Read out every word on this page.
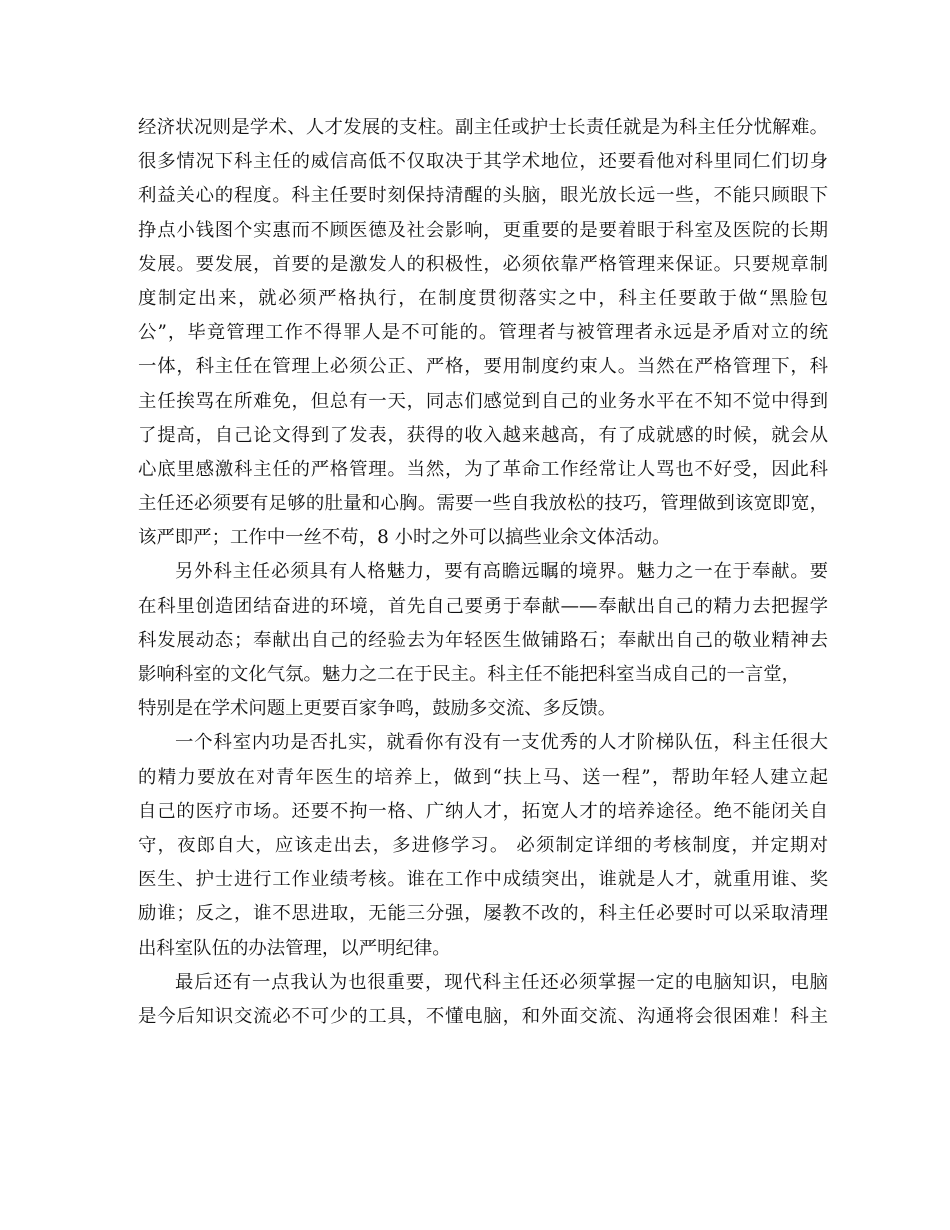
经济状况则是学术、人才发展的支柱。副主任或护士长责任就是为科主任分忧解难。
很多情况下科主任的威信高低不仅取决于其学术地位，还要看他对科里同仁们切身
利益关心的程度。科主任要时刻保持清醒的头脑，眼光放长远一些，不能只顾眼下
挣点小钱图个实惠而不顾医德及社会影响，更重要的是要着眼于科室及医院的长期
发展。要发展，首要的是激发人的积极性，必须依靠严格管理来保证。只要规章制
度制定出来，就必须严格执行，在制度贯彻落实之中，科主任要敢于做“黑脸包
公”，毕竟管理工作不得罪人是不可能的。管理者与被管理者永远是矛盾对立的统
一体，科主任在管理上必须公正、严格，要用制度约束人。当然在严格管理下，科
主任挨骂在所难免，但总有一天，同志们感觉到自己的业务水平在不知不觉中得到
了提高，自己论文得到了发表，获得的收入越来越高，有了成就感的时候，就会从
心底里感激科主任的严格管理。当然，为了革命工作经常让人骂也不好受，因此科
主任还必须要有足够的肚量和心胸。需要一些自我放松的技巧，管理做到该宽即宽，
该严即严；工作中一丝不苟，8 小时之外可以搞些业余文体活动。
另外科主任必须具有人格魅力，要有高瞻远瞩的境界。魅力之一在于奉献。要
在科里创造团结奋进的环境，首先自己要勇于奉献——奉献出自己的精力去把握学
科发展动态；奉献出自己的经验去为年轻医生做铺路石；奉献出自己的敬业精神去
影响科室的文化气氛。魅力之二在于民主。科主任不能把科室当成自己的一言堂，
特别是在学术问题上更要百家争鸣，鼓励多交流、多反馈。
一个科室内功是否扎实，就看你有没有一支优秀的人才阶梯队伍，科主任很大
的精力要放在对青年医生的培养上，做到“扶上马、送一程”，帮助年轻人建立起
自己的医疗市场。还要不拘一格、广纳人才，拓宽人才的培养途径。绝不能闭关自
守，夜郎自大，应该走出去，多进修学习。 必须制定详细的考核制度，并定期对
医生、护士进行工作业绩考核。谁在工作中成绩突出，谁就是人才，就重用谁、奖
励谁；反之，谁不思进取，无能三分强，屡教不改的，科主任必要时可以采取清理
出科室队伍的办法管理，以严明纪律。
最后还有一点我认为也很重要，现代科主任还必须掌握一定的电脑知识，电脑
是今后知识交流必不可少的工具，不懂电脑，和外面交流、沟通将会很困难！科主
